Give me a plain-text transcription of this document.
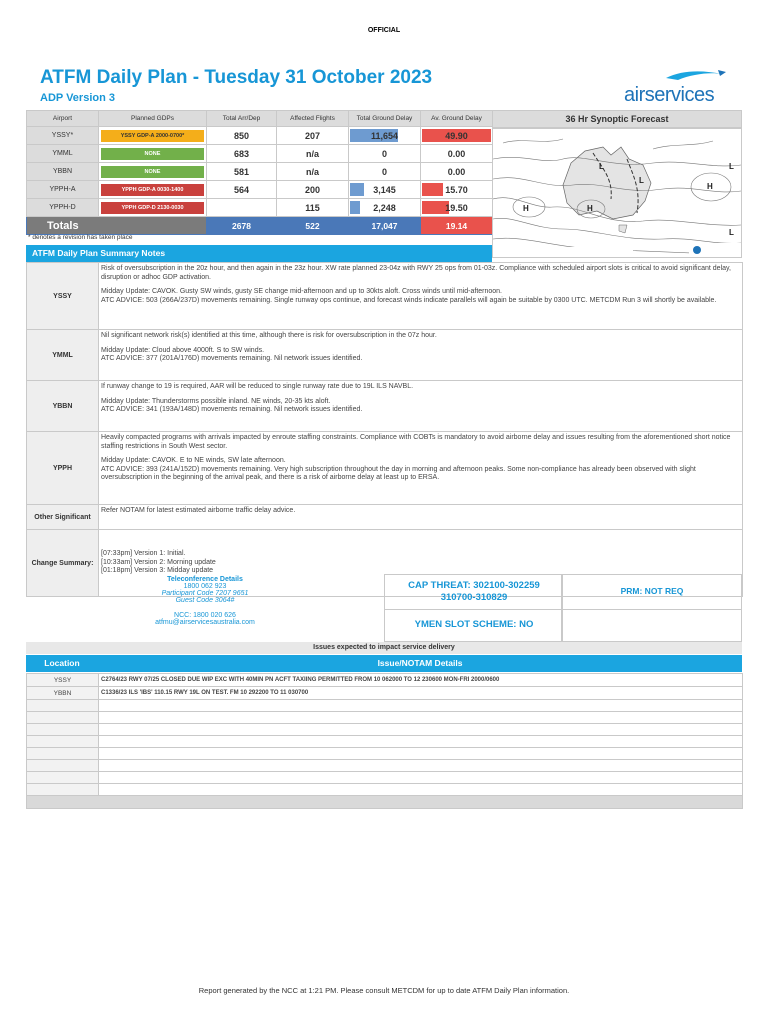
OFFICIAL
ATFM Daily Plan - Tuesday 31 October 2023
ADP Version 3	airservices
Airport	Planned GDPs	Total Arr/Dep	Affected Flights	Total Ground Delay	Av. Ground Delay
YSSY*	YSSY GDP-A 2000-0700*	850	207	11,654	49.90
YMML	NONE	683	n/a	0	0.00
YBBN	NONE	581	n/a	0	0.00
YPPH-A	YPPH GDP-A 0030-1400	564	200	3,145	15.70
YPPH-D	YPPH GDP-D 2130-0030		115	2,248	19.50
Totals		2678	522	17,047	19.14
36 Hr Synoptic Forecast
H
H	H
L
L
L
L
* denotes a revision has taken place
ATFM Daily Plan Summary Notes
YSSY	Risk of oversubscription in the 20z hour, and then again in the 23z hour. XW rate planned 23-04z with RWY 25 ops from 01-03z. Compliance with scheduled airport slots is critical to avoid significant delay, disruption or adhoc GDP activation.
Midday Update: CAVOK. Gusty SW winds, gusty SE change mid-afternoon and up to 30kts aloft. Cross winds until mid-afternoon.
ATC ADVICE: 503 (266A/237D) movements remaining. Single runway ops continue, and forecast winds indicate parallels will again be suitable by 0300 UTC. METCDM Run 3 will shortly be available.

YMML	Nil significant network risk(s) identified at this time, although there is risk for oversubscription in the 07z hour.
Midday Update: Cloud above 4000ft. S to SW winds.
ATC ADVICE: 377 (201A/176D) movements remaining. Nil network issues identified.

YBBN	If runway change to 19 is required, AAR will be reduced to single runway rate due to 19L ILS NAVBL.
Midday Update: Thunderstorms possible inland. NE winds, 20-35 kts aloft.
ATC ADVICE: 341 (193A/148D) movements remaining. Nil network issues identified.

YPPH	Heavily compacted programs with arrivals impacted by enroute staffing constraints. Compliance with COBTs is mandatory to avoid airborne delay and issues resulting from the aforementioned short notice staffing restrictions in South West sector.
Midday Update: CAVOK. E to NE winds, SW late afternoon.
ATC ADVICE: 393 (241A/152D) movements remaining. Very high subscription throughout the day in morning and afternoon peaks. Some non-compliance has already been observed with slight oversubscription in the beginning of the arrival peak, and there is a risk of airborne delay at least up to ERSA.

Other Significant	Refer NOTAM for latest estimated airborne traffic delay advice.

Change Summary:	[07:33pm] Version 1: Initial.
[10:33am] Version 2: Morning update
[01:18pm] Version 3: Midday update
Teleconference Details
1800 062 923
Participant Code 7207 9651
Guest Code 3064#
NCC: 1800 020 626
atfmu@airservicesaustralia.com
CAP THREAT: 302100-302259
310700-310829
YMEN SLOT SCHEME: NO
PRM: NOT REQ
Issues expected to impact service delivery
Location	Issue/NOTAM Details
YSSY	C2764/23 RWY 07/25 CLOSED DUE WIP EXC WITH 40MIN PN ACFT TAXIING PERMITTED FROM 10 062000 TO 12 230600 MON-FRI 2000/0600
YBBN	C1336/23 ILS 'IBS' 110.15 RWY 19L ON TEST. FM 10 292200 TO 11 030700

Report generated by the NCC at 1:21 PM. Please consult METCDM for up to date ATFM Daily Plan information.
